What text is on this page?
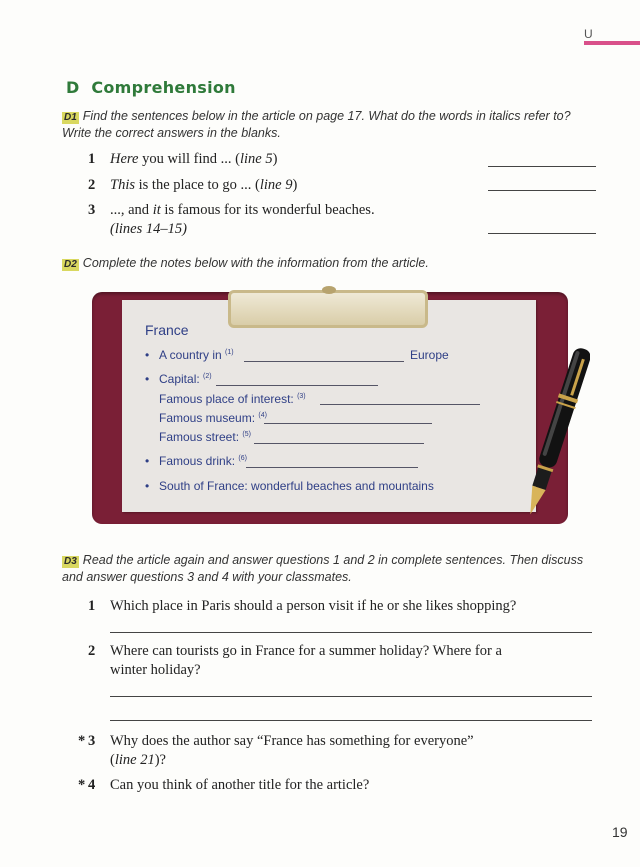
U
D Comprehension
D1 Find the sentences below in the article on page 17. What do the words in italics refer to? Write the correct answers in the blanks.
1 Here you will find ... (line 5)
2 This is the place to go ... (line 9)
3 ..., and it is famous for its wonderful beaches.
(lines 14–15)
D2 Complete the notes below with the information from the article.
France
• A country in $^{(1)}$	Europe
• Capital: $^{(2)}$
Famous place of interest: $^{(3)}$
Famous museum: $^{(4)}$
Famous street: $^{(5)}$
• Famous drink: $^{(6)}$
• South of France: wonderful beaches and mountains
D3 Read the article again and answer questions 1 and 2 in complete sentences. Then discuss and answer questions 3 and 4 with your classmates.
1 Which place in Paris should a person visit if he or she likes shopping?
2 Where can tourists go in France for a summer holiday? Where for a
winter holiday?
* 3 Why does the author say “France has something for everyone”
(line 21)?
* 4 Can you think of another title for the article?
19
